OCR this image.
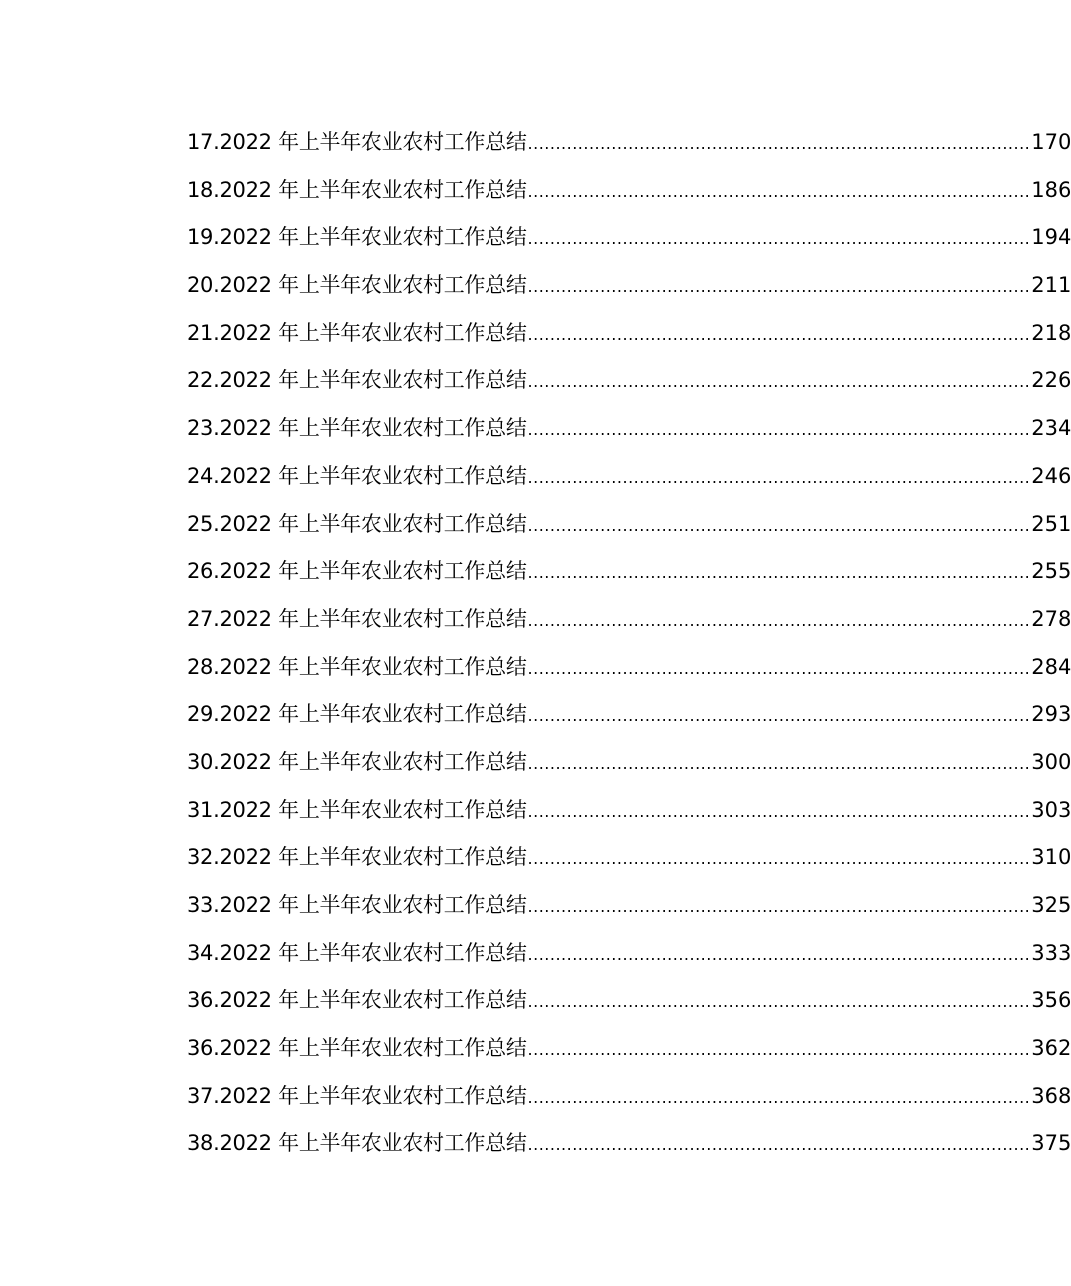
17.2022 年上半年农业农村工作总结 .......................................................................................... 170
18.2022 年上半年农业农村工作总结 .......................................................................................... 186
19.2022 年上半年农业农村工作总结 .......................................................................................... 194
20.2022 年上半年农业农村工作总结 .......................................................................................... 211
21.2022 年上半年农业农村工作总结 .......................................................................................... 218
22.2022 年上半年农业农村工作总结 .......................................................................................... 226
23.2022 年上半年农业农村工作总结 .......................................................................................... 234
24.2022 年上半年农业农村工作总结 .......................................................................................... 246
25.2022 年上半年农业农村工作总结 .......................................................................................... 251
26.2022 年上半年农业农村工作总结 .......................................................................................... 255
27.2022 年上半年农业农村工作总结 .......................................................................................... 278
28.2022 年上半年农业农村工作总结 .......................................................................................... 284
29.2022 年上半年农业农村工作总结 .......................................................................................... 293
30.2022 年上半年农业农村工作总结 .......................................................................................... 300
31.2022 年上半年农业农村工作总结 .......................................................................................... 303
32.2022 年上半年农业农村工作总结 .......................................................................................... 310
33.2022 年上半年农业农村工作总结 .......................................................................................... 325
34.2022 年上半年农业农村工作总结 .......................................................................................... 333
36.2022 年上半年农业农村工作总结 .......................................................................................... 356
36.2022 年上半年农业农村工作总结 .......................................................................................... 362
37.2022 年上半年农业农村工作总结 .......................................................................................... 368
38.2022 年上半年农业农村工作总结 .......................................................................................... 375
